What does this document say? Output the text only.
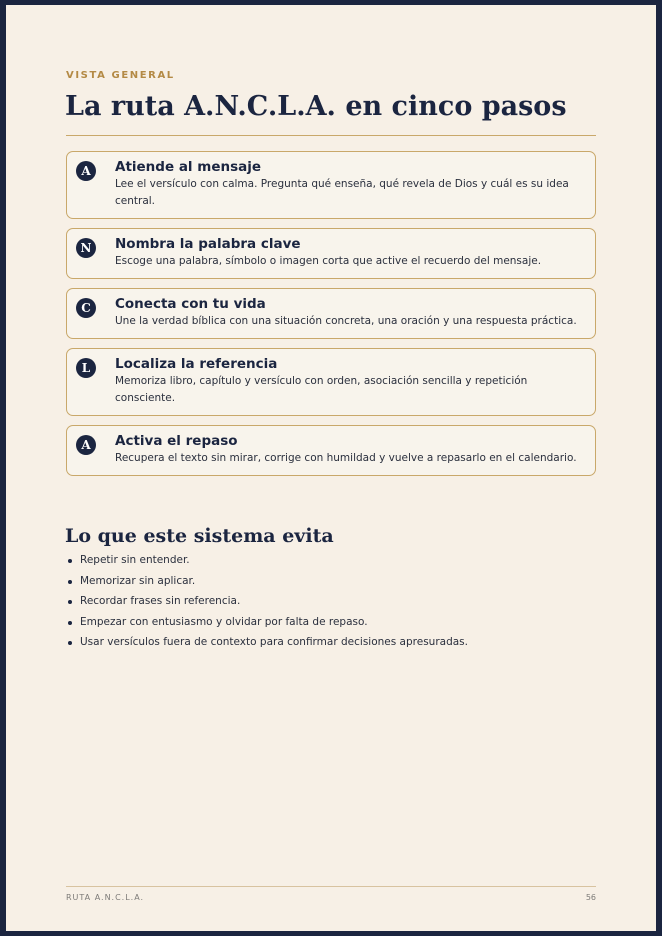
VISTA GENERAL
La ruta A.N.C.L.A. en cinco pasos
A	Atiende al mensaje

Lee el versículo con calma. Pregunta qué enseña, qué revela de Dios y cuál es su idea central.

N	Nombra la palabra clave

Escoge una palabra, símbolo o imagen corta que active el recuerdo del mensaje.

C	Conecta con tu vida

Une la verdad bíblica con una situación concreta, una oración y una respuesta práctica.

L	Localiza la referencia

Memoriza libro, capítulo y versículo con orden, asociación sencilla y repetición consciente.

A	Activa el repaso

Recupera el texto sin mirar, corrige con humildad y vuelve a repasarlo en el calendario.

Lo que este sistema evita
Repetir sin entender.
Memorizar sin aplicar.
Recordar frases sin referencia.
Empezar con entusiasmo y olvidar por falta de repaso.
Usar versículos fuera de contexto para confirmar decisiones apresuradas.
RUTA A.N.C.L.A.	56
